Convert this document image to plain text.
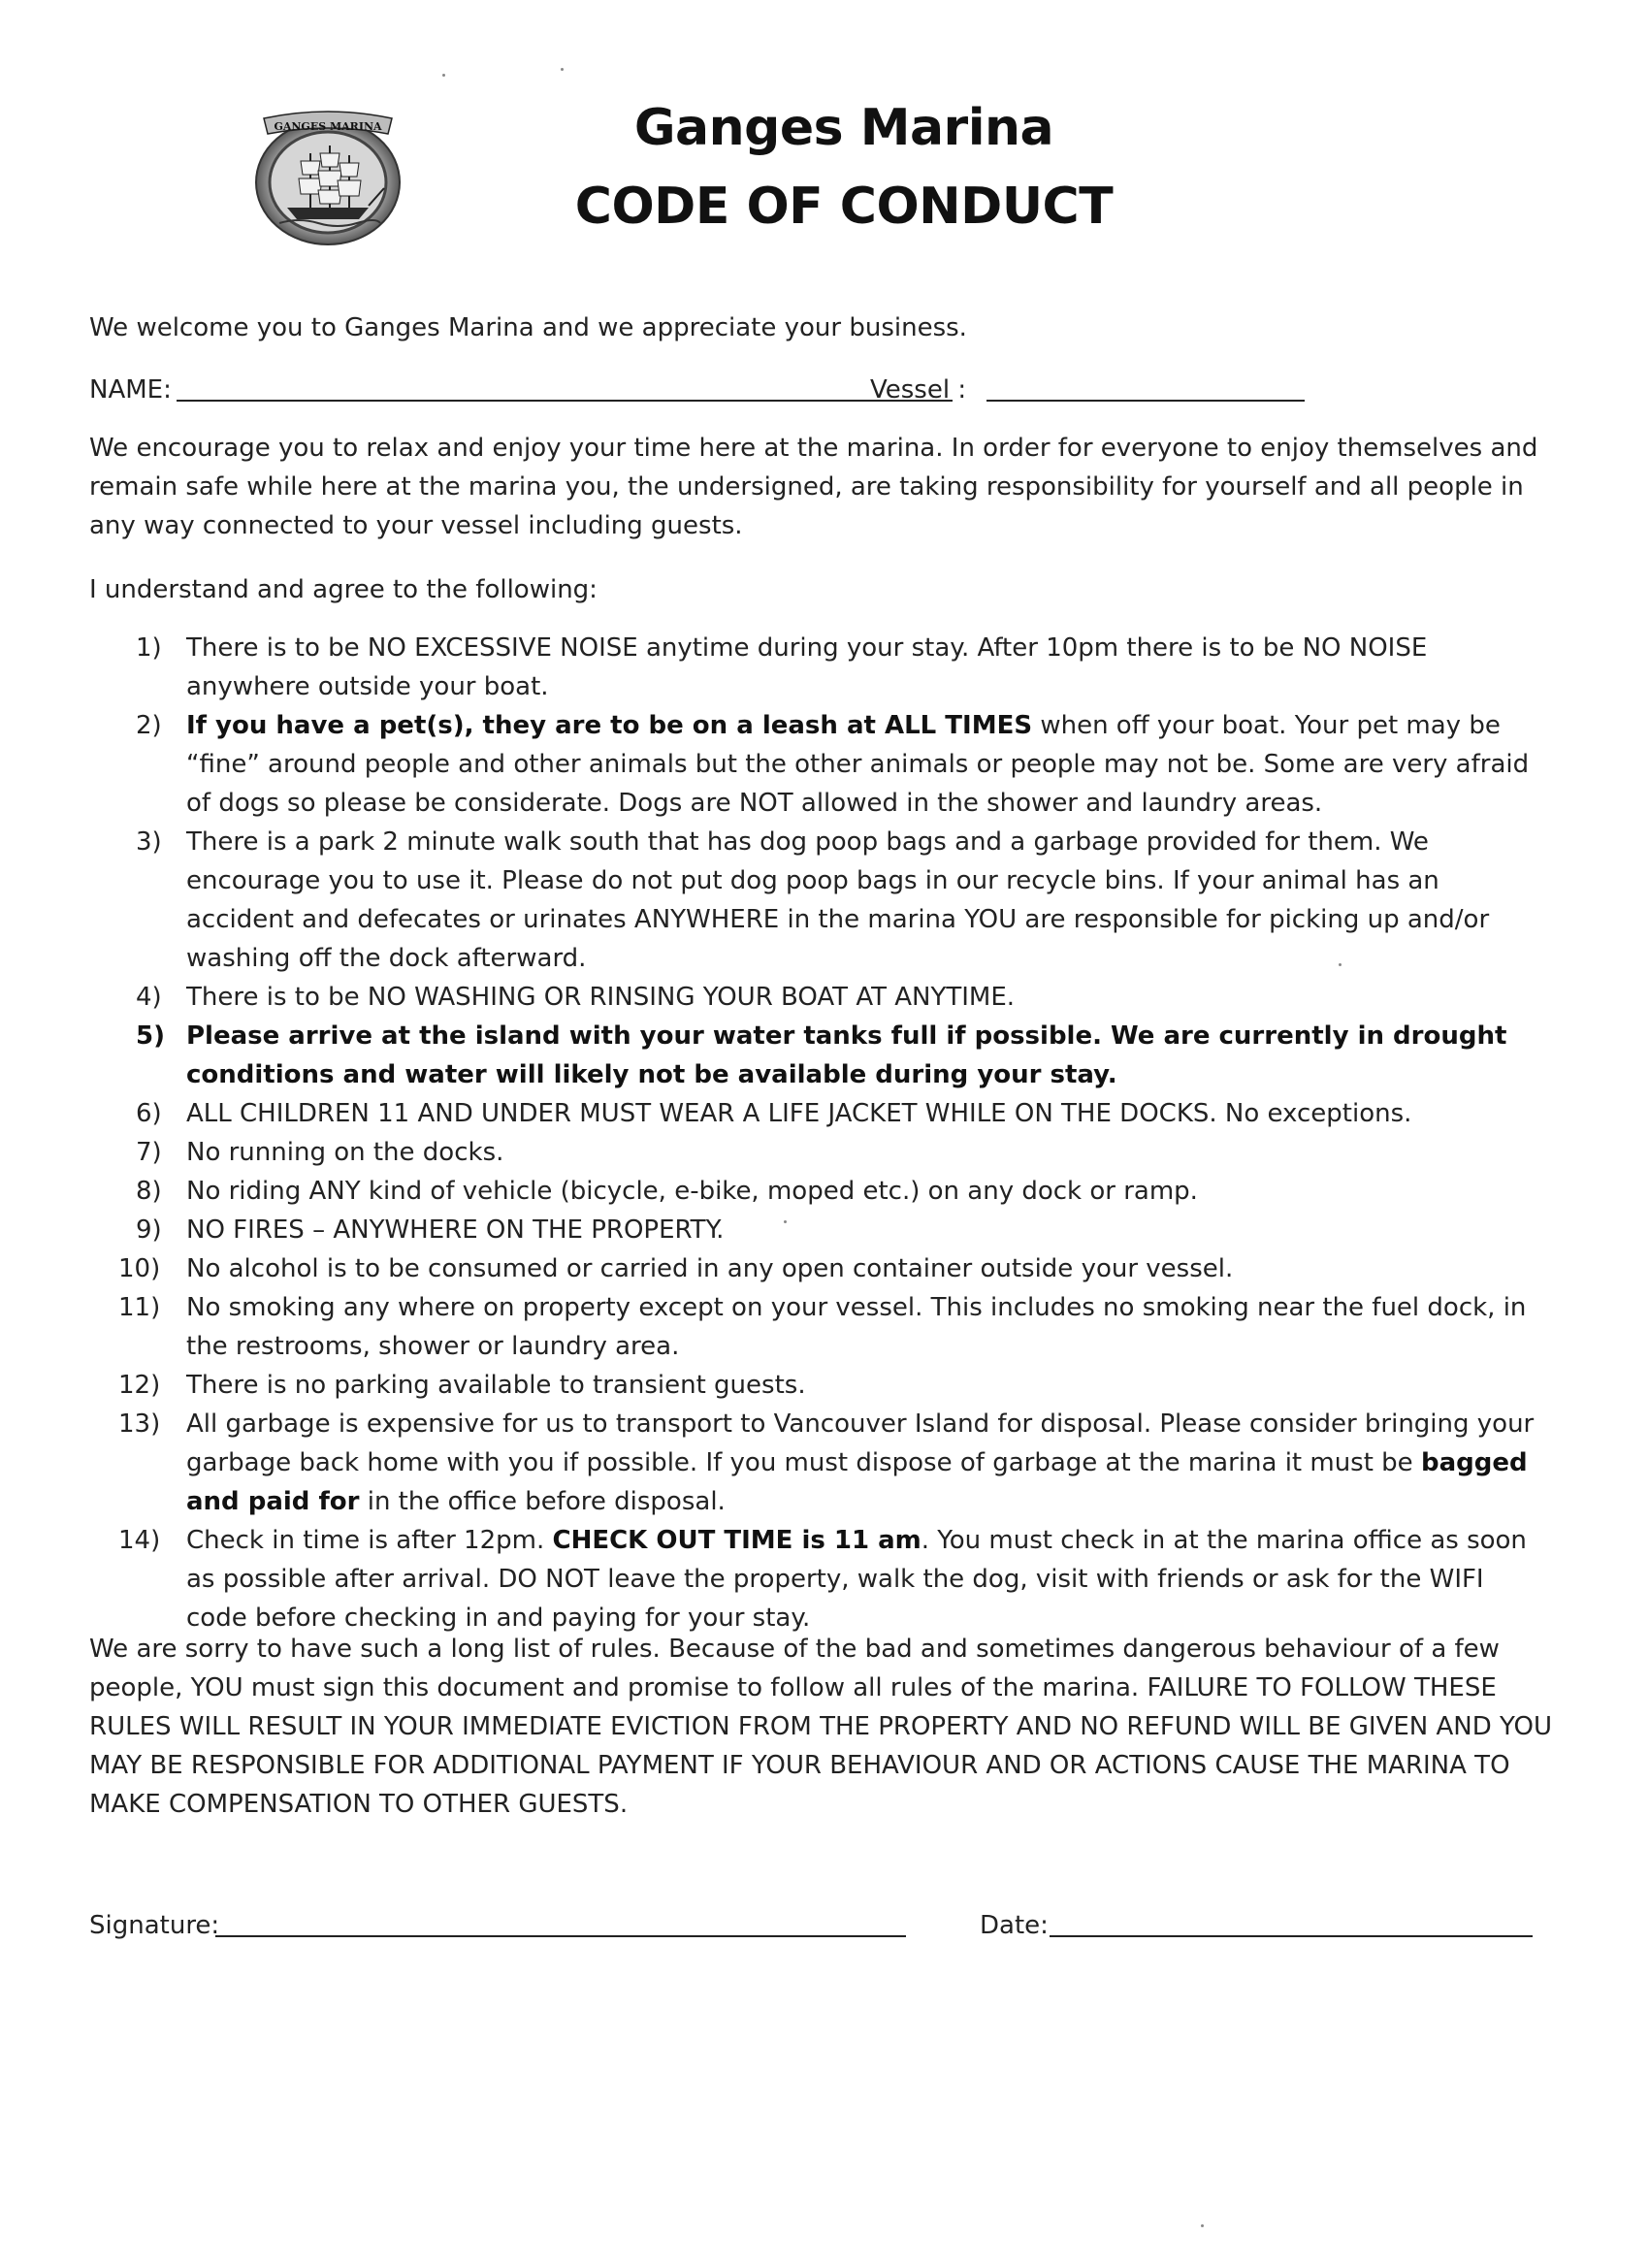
GANGES MARINA	Ganges Marina
CODE OF CONDUCT
We welcome you to Ganges Marina and we appreciate your business.
NAME:	Vessel :
We encourage you to relax and enjoy your time here at the marina. In order for everyone to enjoy themselves and remain safe while here at the marina you, the undersigned, are taking responsibility for yourself and all people in any way connected to your vessel including guests.
I understand and agree to the following:
1) There is to be NO EXCESSIVE NOISE anytime during your stay. After 10pm there is to be NO NOISE anywhere outside your boat.
2) If you have a pet(s), they are to be on a leash at ALL TIMES when off your boat. Your pet may be “fine” around people and other animals but the other animals or people may not be. Some are very afraid of dogs so please be considerate. Dogs are NOT allowed in the shower and laundry areas.
3) There is a park 2 minute walk south that has dog poop bags and a garbage provided for them. We encourage you to use it. Please do not put dog poop bags in our recycle bins. If your animal has an accident and defecates or urinates ANYWHERE in the marina YOU are responsible for picking up and/or washing off the dock afterward.
4) There is to be NO WASHING OR RINSING YOUR BOAT AT ANYTIME.
5) Please arrive at the island with your water tanks full if possible. We are currently in drought conditions and water will likely not be available during your stay.
6) ALL CHILDREN 11 AND UNDER MUST WEAR A LIFE JACKET WHILE ON THE DOCKS. No exceptions.
7) No running on the docks.
8) No riding ANY kind of vehicle (bicycle, e-bike, moped etc.) on any dock or ramp.
9) NO FIRES – ANYWHERE ON THE PROPERTY.
10) No alcohol is to be consumed or carried in any open container outside your vessel.
11) No smoking any where on property except on your vessel. This includes no smoking near the fuel dock, in the restrooms, shower or laundry area.
12) There is no parking available to transient guests.
13) All garbage is expensive for us to transport to Vancouver Island for disposal. Please consider bringing your garbage back home with you if possible. If you must dispose of garbage at the marina it must be bagged and paid for in the office before disposal.
14) Check in time is after 12pm. CHECK OUT TIME is 11 am. You must check in at the marina office as soon as possible after arrival. DO NOT leave the property, walk the dog, visit with friends or ask for the WIFI code before checking in and paying for your stay.
We are sorry to have such a long list of rules. Because of the bad and sometimes dangerous behaviour of a few people, YOU must sign this document and promise to follow all rules of the marina. FAILURE TO FOLLOW THESE RULES WILL RESULT IN YOUR IMMEDIATE EVICTION FROM THE PROPERTY AND NO REFUND WILL BE GIVEN AND YOU MAY BE RESPONSIBLE FOR ADDITIONAL PAYMENT IF YOUR BEHAVIOUR AND OR ACTIONS CAUSE THE MARINA TO MAKE COMPENSATION TO OTHER GUESTS.
Signature:	Date:
